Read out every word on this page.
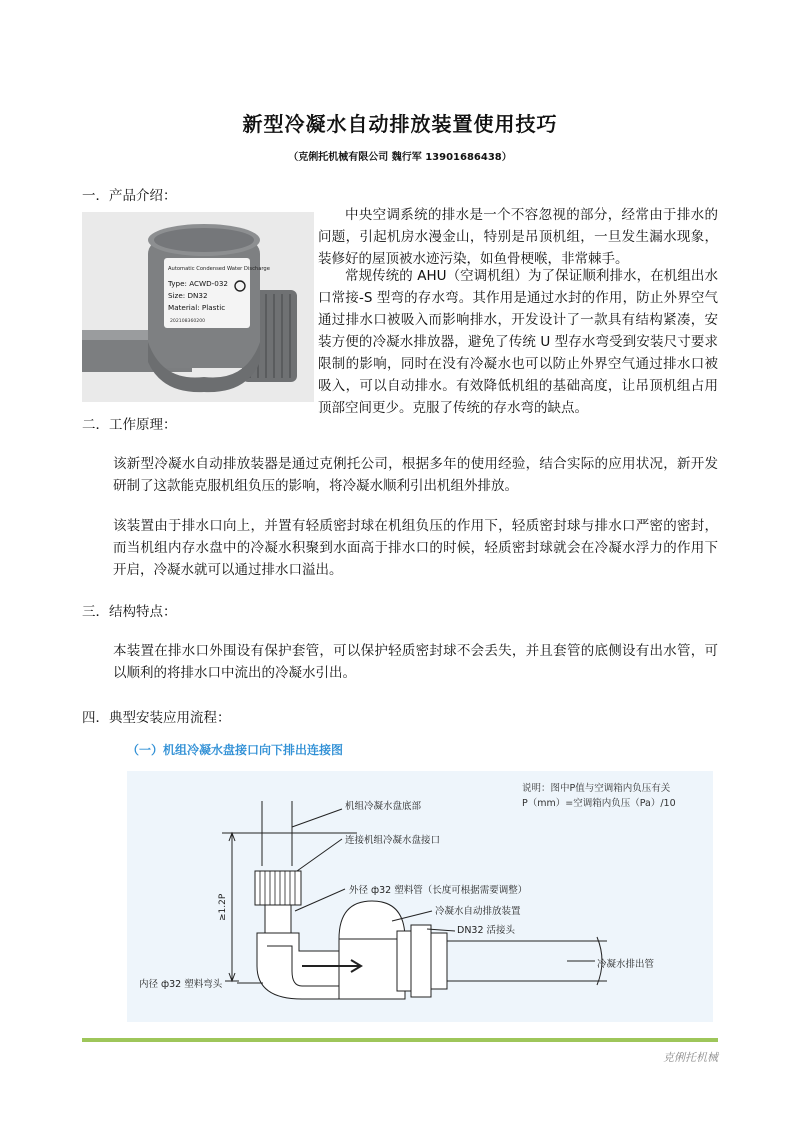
新型冷凝水自动排放装置使用技巧
（克俐托机械有限公司 魏行军 13901686438）
一．产品介绍：
Automatic Condensed Water Discharge
Type: ACWD-032
Size: DN32
Material: Plastic
202108360200
中央空调系统的排水是一个不容忽视的部分，经常由于排水的问题，引起机房水漫金山，特别是吊顶机组，一旦发生漏水现象，装修好的屋顶被水迹污染，如鱼骨梗喉，非常棘手。
常规传统的 AHU（空调机组）为了保证顺利排水，在机组出水口常接-S 型弯的存水弯。其作用是通过水封的作用，防止外界空气通过排水口被吸入而影响排水，开发设计了一款具有结构紧凑，安装方便的冷凝水排放器，避免了传统 U 型存水弯受到安装尺寸要求限制的影响，同时在没有冷凝水也可以防止外界空气通过排水口被吸入，可以自动排水。有效降低机组的基础高度，让吊顶机组占用顶部空间更少。克服了传统的存水弯的缺点。
二．工作原理：
该新型冷凝水自动排放装器是通过克俐托公司，根据多年的使用经验，结合实际的应用状况，新开发研制了这款能克服机组负压的影响，将冷凝水顺利引出机组外排放。
该装置由于排水口向上，并置有轻质密封球在机组负压的作用下，轻质密封球与排水口严密的密封，而当机组内存水盘中的冷凝水积聚到水面高于排水口的时候，轻质密封球就会在冷凝水浮力的作用下开启，冷凝水就可以通过排水口溢出。
三．结构特点：
本装置在排水口外围设有保护套管，可以保护轻质密封球不会丢失，并且套管的底侧设有出水管，可以顺利的将排水口中流出的冷凝水引出。
四．典型安装应用流程：
（一）机组冷凝水盘接口向下排出连接图
说明：图中P值与空调箱内负压有关
P（mm）=空调箱内负压（Pa）/10
机组冷凝水盘底部
连接机组冷凝水盘接口
外径 ф32 塑料管（长度可根据需要调整）
冷凝水自动排放装置
DN32 活接头
冷凝水排出管
内径 ф32 塑料弯头
≥1.2P
克俐托机械
